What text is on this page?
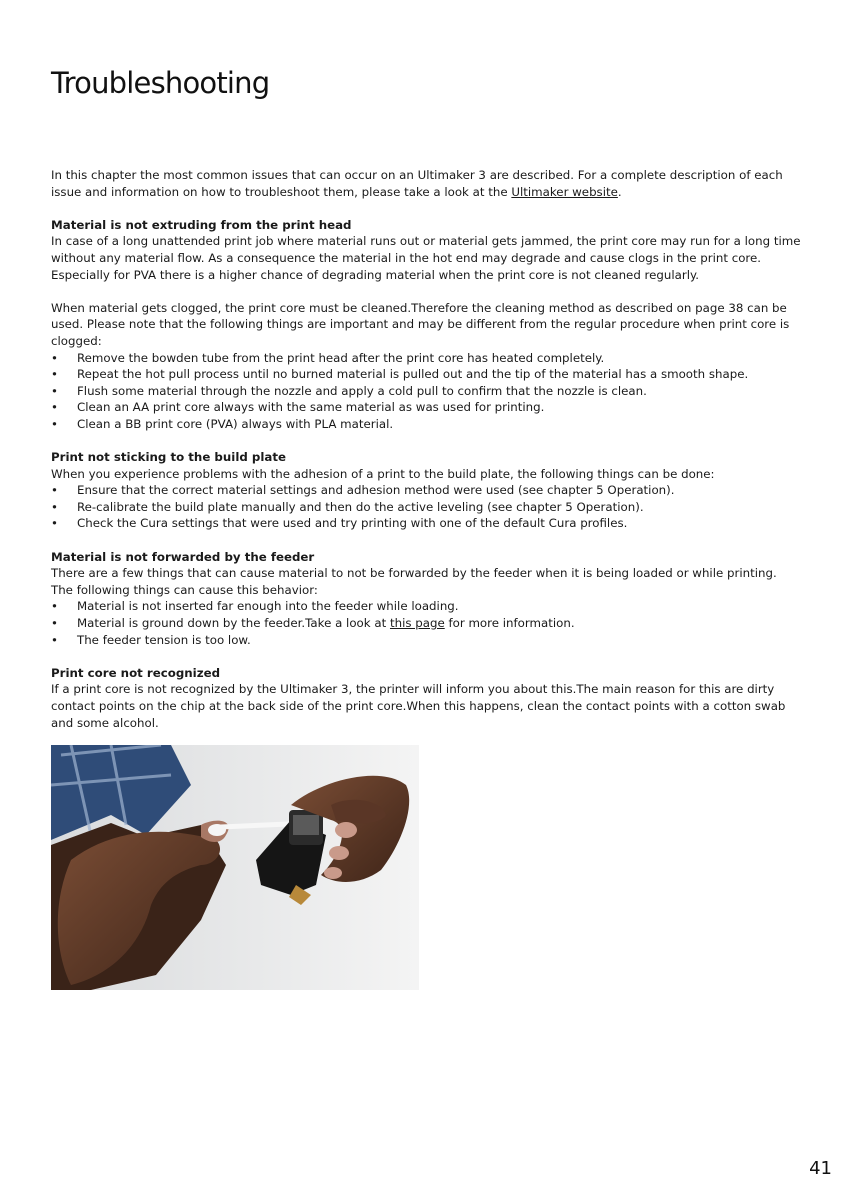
Troubleshooting

In this chapter the most common issues that can occur on an Ultimaker 3 are described. For a complete description of each issue and information on how to troubleshoot them, please take a look at the Ultimaker website.

Material is not extruding from the print head

In case of a long unattended print job where material runs out or material gets jammed, the print core may run for a long time without any material flow. As a consequence the material in the hot end may degrade and cause clogs in the print core. Especially for PVA there is a higher chance of degrading material when the print core is not cleaned regularly.

When material gets clogged, the print core must be cleaned.Therefore the cleaning method as described on page 38 can be used. Please note that the following things are important and may be different from the regular procedure when print core is clogged:

• Remove the bowden tube from the print head after the print core has heated completely.
• Repeat the hot pull process until no burned material is pulled out and the tip of the material has a smooth shape.
• Flush some material through the nozzle and apply a cold pull to confirm that the nozzle is clean.
• Clean an AA print core always with the same material as was used for printing.
• Clean a BB print core (PVA) always with PLA material.
Print not sticking to the build plate

When you experience problems with the adhesion of a print to the build plate, the following things can be done:

• Ensure that the correct material settings and adhesion method were used (see chapter 5 Operation).
• Re-calibrate the build plate manually and then do the active leveling (see chapter 5 Operation).
• Check the Cura settings that were used and try printing with one of the default Cura profiles.
Material is not forwarded by the feeder

There are a few things that can cause material to not be forwarded by the feeder when it is being loaded or while printing. The following things can cause this behavior:

• Material is not inserted far enough into the feeder while loading.
• Material is ground down by the feeder.Take a look at this page for more information.
• The feeder tension is too low.
Print core not recognized

If a print core is not recognized by the Ultimaker 3, the printer will inform you about this.The main reason for this are dirty contact points on the chip at the back side of the print core.When this happens, clean the contact points with a cotton swab and some alcohol.

41
